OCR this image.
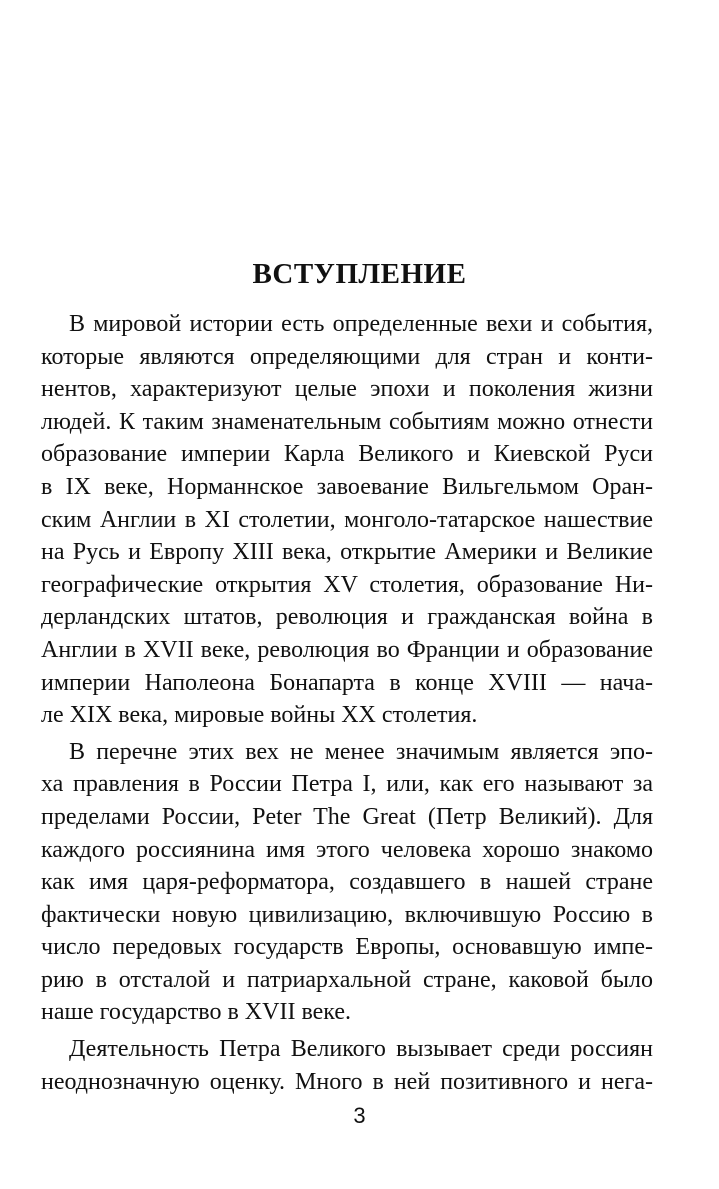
ВСТУПЛЕНИЕ
В мировой истории есть определенные вехи и события,
которые являются определяющими для стран и конти-
нентов, характеризуют целые эпохи и поколения жизни
людей. К таким знаменательным событиям можно отнести
образование империи Карла Великого и Киевской Руси
в IX веке, Норманнское завоевание Вильгельмом Оран-
ским Англии в XI столетии, монголо-татарское нашествие
на Русь и Европу XIII века, открытие Америки и Великие
географические открытия XV столетия, образование Ни-
дерландских штатов, революция и гражданская война в
Англии в XVII веке, революция во Франции и образование
империи Наполеона Бонапарта в конце XVIII — нача-
ле XIX века, мировые войны XX столетия.
В перечне этих вех не менее значимым является эпо-
ха правления в России Петра I, или, как его называют за
пределами России, Peter The Great (Петр Великий). Для
каждого россиянина имя этого человека хорошо знакомо
как имя царя-реформатора, создавшего в нашей стране
фактически новую цивилизацию, включившую Россию в
число передовых государств Европы, основавшую импе-
рию в отсталой и патриархальной стране, каковой было
наше государство в XVII веке.
Деятельность Петра Великого вызывает среди россиян
неоднозначную оценку. Много в ней позитивного и нега-
3
